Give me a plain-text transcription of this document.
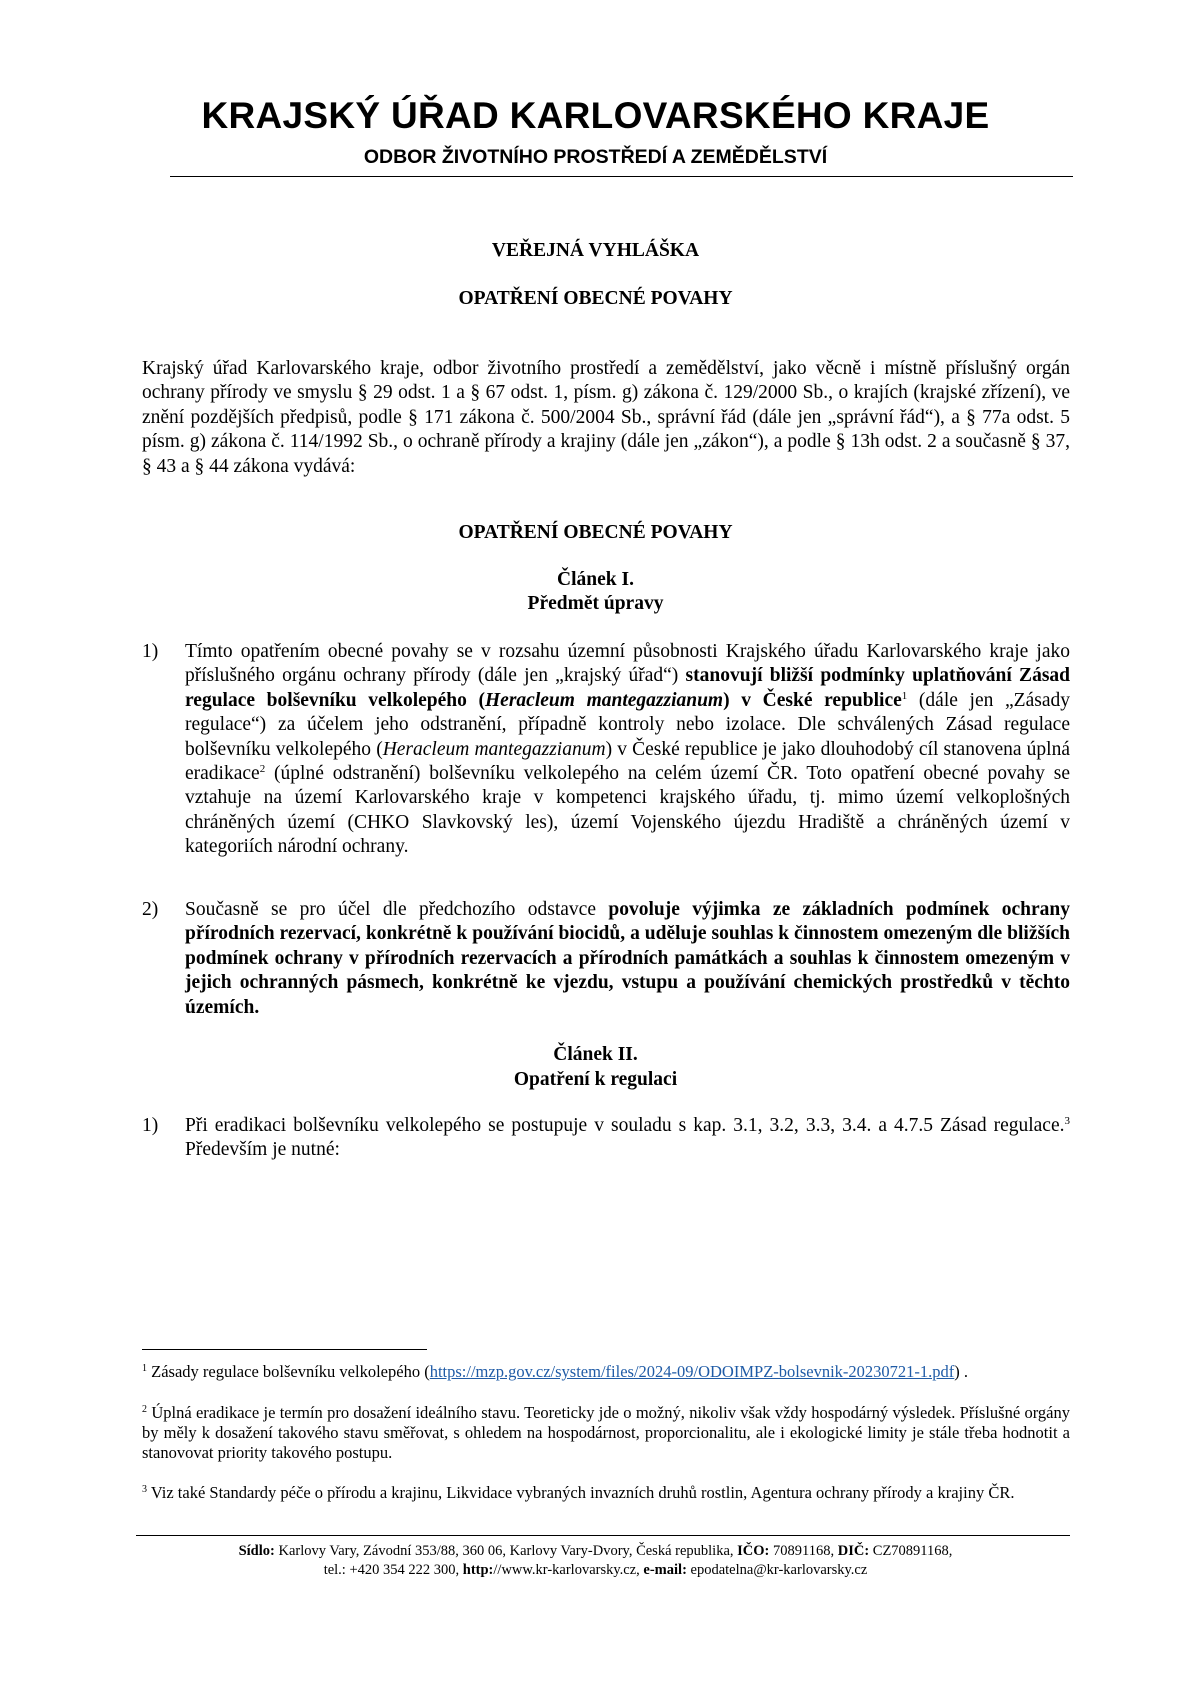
KRAJSKÝ ÚŘAD KARLOVARSKÉHO KRAJE
ODBOR ŽIVOTNÍHO PROSTŘEDÍ A ZEMĚDĚLSTVÍ
VEŘEJNÁ VYHLÁŠKA
OPATŘENÍ OBECNÉ POVAHY
Krajský úřad Karlovarského kraje, odbor životního prostředí a zemědělství, jako věcně i místně příslušný orgán ochrany přírody ve smyslu § 29 odst. 1 a § 67 odst. 1, písm. g) zákona č. 129/2000 Sb., o krajích (krajské zřízení), ve znění pozdějších předpisů, podle § 171 zákona č. 500/2004 Sb., správní řád (dále jen „správní řád“), a § 77a odst. 5 písm. g) zákona č. 114/1992 Sb., o ochraně přírody a krajiny (dále jen „zákon“), a podle § 13h odst. 2 a současně § 37, § 43 a § 44 zákona vydává:
OPATŘENÍ OBECNÉ POVAHY
Článek I.
Předmět úpravy
1) Tímto opatřením obecné povahy se v rozsahu územní působnosti Krajského úřadu Karlovarského kraje jako příslušného orgánu ochrany přírody (dále jen „krajský úřad“) stanovují bližší podmínky uplatňování Zásad regulace bolševníku velkolepého (Heracleum mantegazzianum) v České republice$^1$ (dále jen „Zásady regulace“) za účelem jeho odstranění, případně kontroly nebo izolace. Dle schválených Zásad regulace bolševníku velkolepého (Heracleum mantegazzianum) v České republice je jako dlouhodobý cíl stanovena úplná eradikace$^2$ (úplné odstranění) bolševníku velkolepého na celém území ČR. Toto opatření obecné povahy se vztahuje na území Karlovarského kraje v kompetenci krajského úřadu, tj. mimo území velkoplošných chráněných území (CHKO Slavkovský les), území Vojenského újezdu Hradiště a chráněných území v kategoriích národní ochrany.
2) Současně se pro účel dle předchozího odstavce povoluje výjimka ze základních podmínek ochrany přírodních rezervací, konkrétně k používání biocidů, a uděluje souhlas k činnostem omezeným dle bližších podmínek ochrany v přírodních rezervacích a přírodních památkách a souhlas k činnostem omezeným v jejich ochranných pásmech, konkrétně ke vjezdu, vstupu a používání chemických prostředků v těchto územích.
Článek II.
Opatření k regulaci
1) Při eradikaci bolševníku velkolepého se postupuje v souladu s kap. 3.1, 3.2, 3.3, 3.4. a 4.7.5 Zásad regulace.$^3$ Především je nutné:
$^1$ Zásady regulace bolševníku velkolepého (https://mzp.gov.cz/system/files/2024-09/ODOIMPZ-bolsevnik-20230721-1.pdf) .
$^2$ Úplná eradikace je termín pro dosažení ideálního stavu. Teoreticky jde o možný, nikoliv však vždy hospodárný výsledek. Příslušné orgány by měly k dosažení takového stavu směřovat, s ohledem na hospodárnost, proporcionalitu, ale i ekologické limity je stále třeba hodnotit a stanovovat priority takového postupu.
$^3$ Viz také Standardy péče o přírodu a krajinu, Likvidace vybraných invazních druhů rostlin, Agentura ochrany přírody a krajiny ČR.
Sídlo: Karlovy Vary, Závodní 353/88, 360 06, Karlovy Vary-Dvory, Česká republika, IČO: 70891168, DIČ: CZ70891168,
tel.: +420 354 222 300, http://www.kr-karlovarsky.cz, e-mail: epodatelna@kr-karlovarsky.cz
